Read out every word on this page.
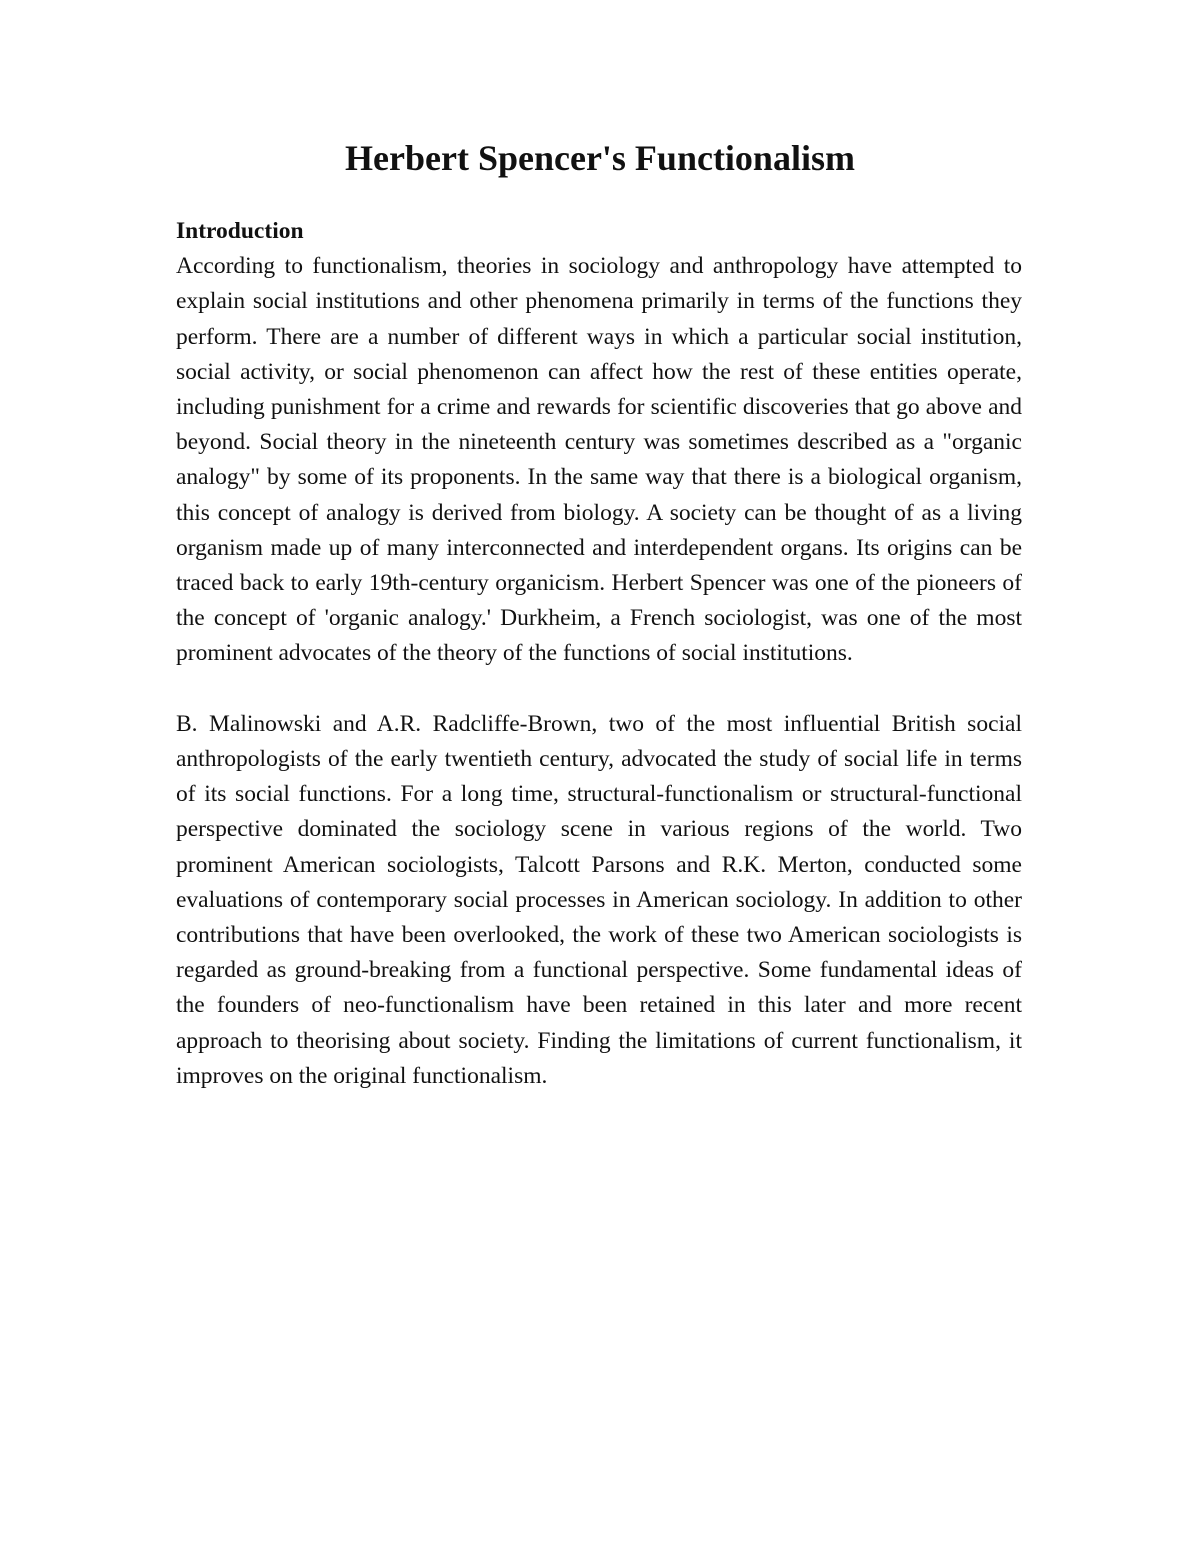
Herbert Spencer's Functionalism
Introduction

According to functionalism, theories in sociology and anthropology have attempted to explain social institutions and other phenomena primarily in terms of the functions they perform. There are a number of different ways in which a particular social institution, social activity, or social phenomenon can affect how the rest of these entities operate, including punishment for a crime and rewards for scientific discoveries that go above and beyond. Social theory in the nineteenth century was sometimes described as a "organic analogy" by some of its proponents. In the same way that there is a biological organism, this concept of analogy is derived from biology. A society can be thought of as a living organism made up of many interconnected and interdependent organs. Its origins can be traced back to early 19th-century organicism. Herbert Spencer was one of the pioneers of the concept of 'organic analogy.' Durkheim, a French sociologist, was one of the most prominent advocates of the theory of the functions of social institutions.

B. Malinowski and A.R. Radcliffe-Brown, two of the most influential British social anthropologists of the early twentieth century, advocated the study of social life in terms of its social functions. For a long time, structural-functionalism or structural-functional perspective dominated the sociology scene in various regions of the world. Two prominent American sociologists, Talcott Parsons and R.K. Merton, conducted some evaluations of contemporary social processes in American sociology. In addition to other contributions that have been overlooked, the work of these two American sociologists is regarded as ground-breaking from a functional perspective. Some fundamental ideas of the founders of neo-functionalism have been retained in this later and more recent approach to theorising about society. Finding the limitations of current functionalism, it improves on the original functionalism.
